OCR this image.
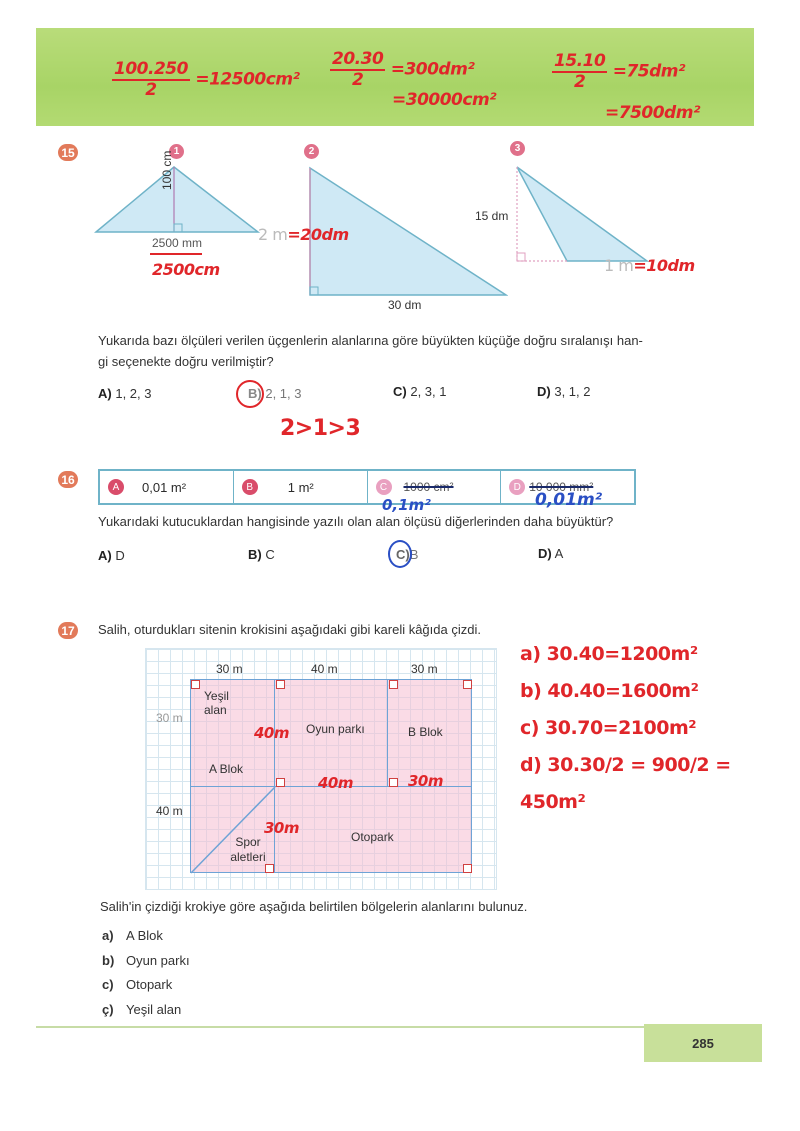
$\frac{100.250}{2} =12500cm^2 \frac{20.30}{2} =300dm^2$
=30000cm²
$\frac{15.10}{2} =75dm^2$
=7500dm²
15	1
100 cm
2500 mm
2500cm
2
2 m=20dm
30 dm
3
15 dm
1 m=10dm
Yukarıda bazı ölçüleri verilen üçgenlerin alanlarına göre büyükten küçüğe doğru sıralanışı han-
gi seçenekte doğru verilmiştir?
A) 1, 2, 3	B) 2, 1, 3	C) 2, 3, 1	D) 3, 1, 2
2>1>3
16
A	0,01 m²	B	1 m²	C	1000 cm²	D 10 000 mm²
0,1m²	0,01m²
Yukarıdaki kutucuklardan hangisinde yazılı olan alan ölçüsü diğerlerinden daha büyüktür?
A) D	B) C	C)B	D) A
17 Salih, oturdukları sitenin krokisini aşağıdaki gibi kareli kâğıda çizdi.
30 m	40 m	30 m
Yeşil alan
Oyun parkı	B Blok
A Blok
Spor aletleri
Otopark
40m
40m	30m
30m
30 m
40 m
a) 30.40=1200m²
b) 40.40=1600m²
c) 30.70=2100m²
d) 30.30/2 = 900/2 = 450m²
Salih'in çizdiği krokiye göre aşağıda belirtilen bölgelerin alanlarını bulunuz.
a) A Blok
b) Oyun parkı
c) Otopark
ç) Yeşil alan
285
